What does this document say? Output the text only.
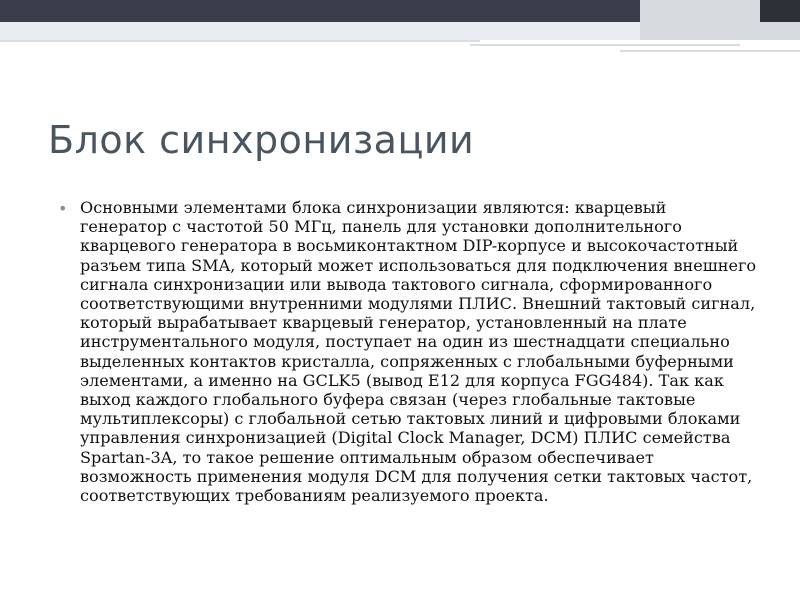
Блок синхронизации
• Основными элементами блока синхронизации являются: кварцевый генератор с частотой 50 МГц, панель для установки дополнительного кварцевого генератора в восьмиконтактном DIP-корпусе и высокочастотный разъем типа SMA, который может использоваться для подключения внешнего сигнала синхронизации или вывода тактового сигнала, сформированного соответствующими внутренними модулями ПЛИС. Внешний тактовый сигнал, который вырабатывает кварцевый генератор, установленный на плате инструментального модуля, поступает на один из шестнадцати специально выделенных контактов кристалла, сопряженных с глобальными буферными элементами, а именно на GCLK5 (вывод E12 для корпуса FGG484). Так как выход каждого глобального буфера связан (через глобальные тактовые мультиплексоры) с глобальной сетью тактовых линий и цифровыми блоками управления синхронизацией (Digital Clock Manager, DCM) ПЛИС семейства Spartan-3A, то такое решение оптимальным образом обеспечивает возможность применения модуля DCM для получения сетки тактовых частот, соответствующих требованиям реализуемого проекта.
